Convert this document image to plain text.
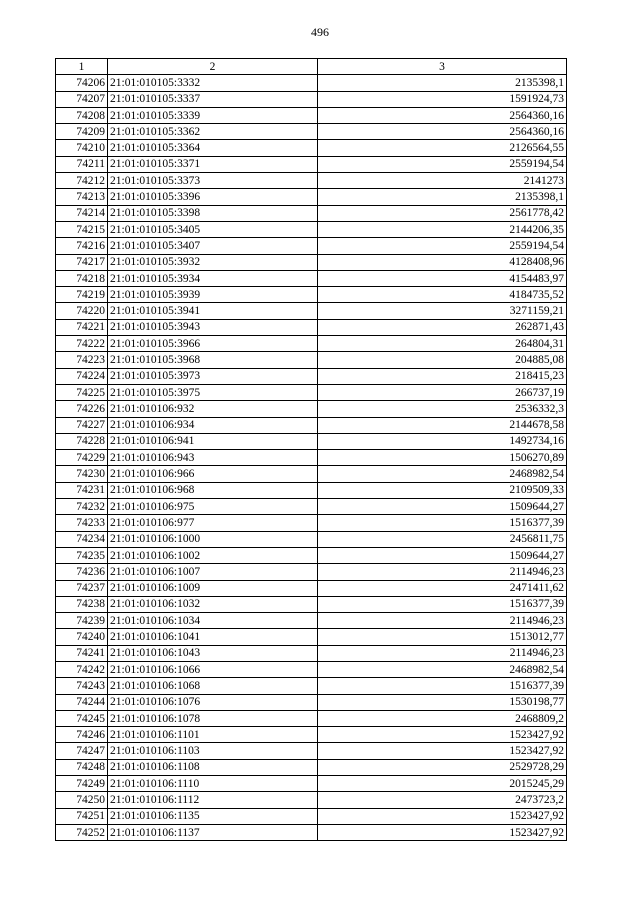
496
1	2	3
74206	21:01:010105:3332	2135398,1
74207	21:01:010105:3337	1591924,73
74208	21:01:010105:3339	2564360,16
74209	21:01:010105:3362	2564360,16
74210	21:01:010105:3364	2126564,55
74211	21:01:010105:3371	2559194,54
74212	21:01:010105:3373	2141273
74213	21:01:010105:3396	2135398,1
74214	21:01:010105:3398	2561778,42
74215	21:01:010105:3405	2144206,35
74216	21:01:010105:3407	2559194,54
74217	21:01:010105:3932	4128408,96
74218	21:01:010105:3934	4154483,97
74219	21:01:010105:3939	4184735,52
74220	21:01:010105:3941	3271159,21
74221	21:01:010105:3943	262871,43
74222	21:01:010105:3966	264804,31
74223	21:01:010105:3968	204885,08
74224	21:01:010105:3973	218415,23
74225	21:01:010105:3975	266737,19
74226	21:01:010106:932	2536332,3
74227	21:01:010106:934	2144678,58
74228	21:01:010106:941	1492734,16
74229	21:01:010106:943	1506270,89
74230	21:01:010106:966	2468982,54
74231	21:01:010106:968	2109509,33
74232	21:01:010106:975	1509644,27
74233	21:01:010106:977	1516377,39
74234	21:01:010106:1000	2456811,75
74235	21:01:010106:1002	1509644,27
74236	21:01:010106:1007	2114946,23
74237	21:01:010106:1009	2471411,62
74238	21:01:010106:1032	1516377,39
74239	21:01:010106:1034	2114946,23
74240	21:01:010106:1041	1513012,77
74241	21:01:010106:1043	2114946,23
74242	21:01:010106:1066	2468982,54
74243	21:01:010106:1068	1516377,39
74244	21:01:010106:1076	1530198,77
74245	21:01:010106:1078	2468809,2
74246	21:01:010106:1101	1523427,92
74247	21:01:010106:1103	1523427,92
74248	21:01:010106:1108	2529728,29
74249	21:01:010106:1110	2015245,29
74250	21:01:010106:1112	2473723,2
74251	21:01:010106:1135	1523427,92
74252	21:01:010106:1137	1523427,92
